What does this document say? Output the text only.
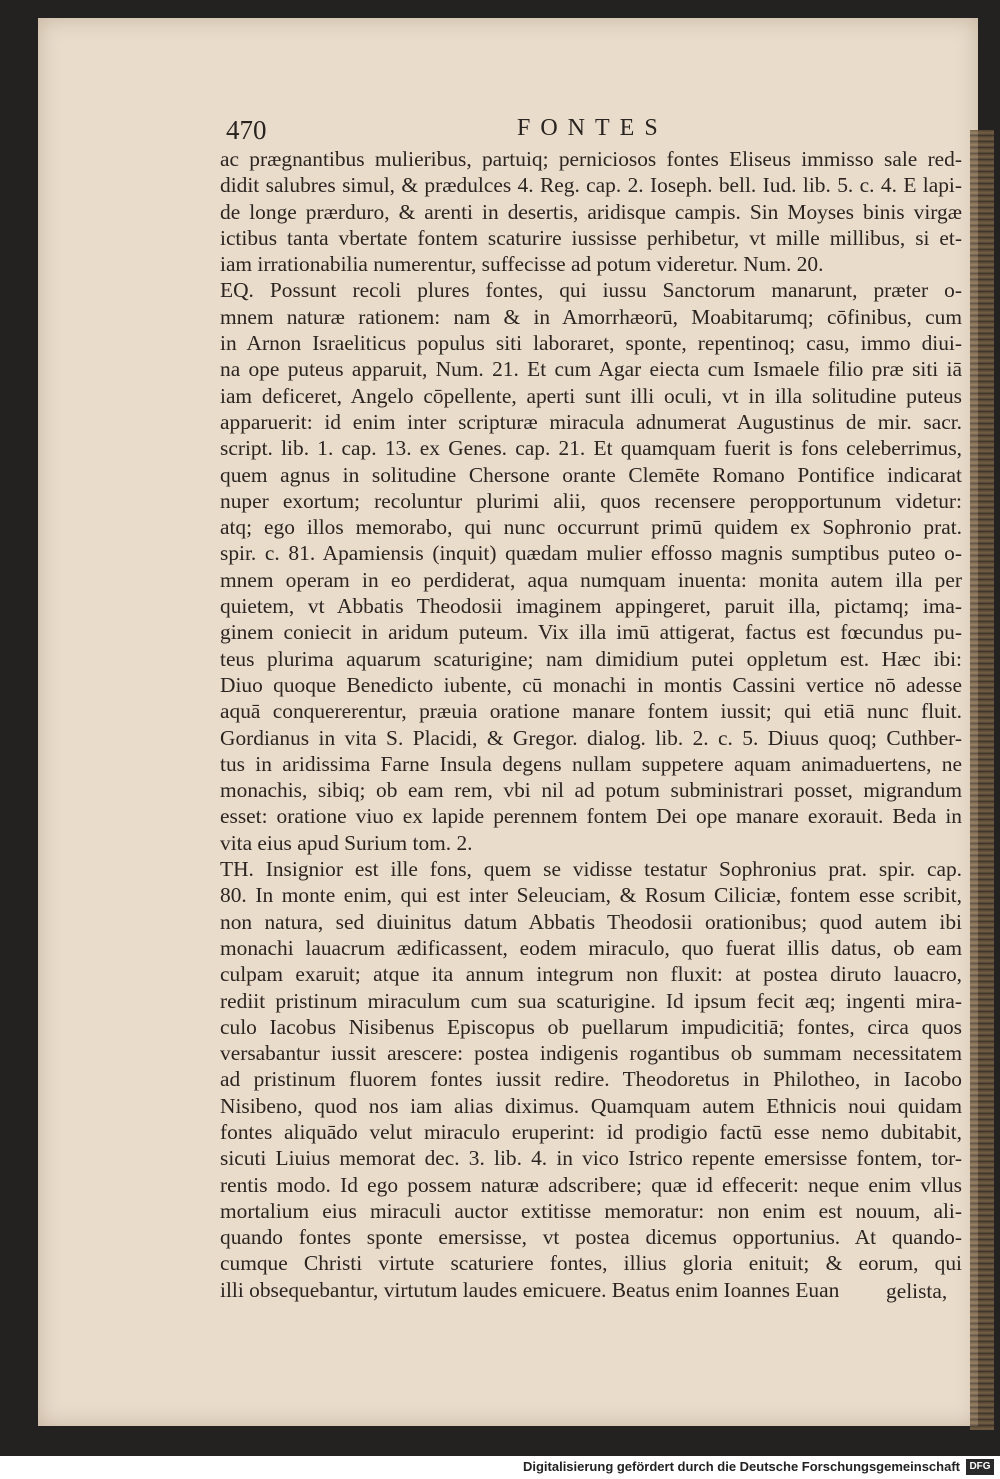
470	FONTES
ac prægnantibus mulieribus, partuiq; perniciosos fontes Eliseus immisso sale red-
didit salubres simul, & prædulces 4. Reg. cap. 2. Ioseph. bell. Iud. lib. 5. c. 4. E lapi-
de longe prærduro, & arenti in desertis, aridisque campis. Sin Moyses binis virgæ
ictibus tanta vbertate fontem scaturire iussisse perhibetur, vt mille millibus, si et-
iam irrationabilia numerentur, suffecisse ad potum videretur. Num. 20.
EQ. Possunt recoli plures fontes, qui iussu Sanctorum manarunt, præter o-
mnem naturæ rationem: nam & in Amorrhæorū, Moabitarumq; cōfinibus, cum
in Arnon Israeliticus populus siti laboraret, sponte, repentinoq; casu, immo diui-
na ope puteus apparuit, Num. 21. Et cum Agar eiecta cum Ismaele filio præ siti iā
iam deficeret, Angelo cōpellente, aperti sunt illi oculi, vt in illa solitudine puteus
apparuerit: id enim inter scripturæ miracula adnumerat Augustinus de mir. sacr.
script. lib. 1. cap. 13. ex Genes. cap. 21. Et quamquam fuerit is fons celeberrimus,
quem agnus in solitudine Chersone orante Clemēte Romano Pontifice indicarat
nuper exortum; recoluntur plurimi alii, quos recensere peropportunum videtur:
atq; ego illos memorabo, qui nunc occurrunt primū quidem ex Sophronio prat.
spir. c. 81. Apamiensis (inquit) quædam mulier effosso magnis sumptibus puteo o-
mnem operam in eo perdiderat, aqua numquam inuenta: monita autem illa per
quietem, vt Abbatis Theodosii imaginem appingeret, paruit illa, pictamq; ima-
ginem coniecit in aridum puteum. Vix illa imū attigerat, factus est fœcundus pu-
teus plurima aquarum scaturigine; nam dimidium putei oppletum est. Hæc ibi:
Diuo quoque Benedicto iubente, cū monachi in montis Cassini vertice nō adesse
aquā conquererentur, præuia oratione manare fontem iussit; qui etiā nunc fluit.
Gordianus in vita S. Placidi, & Gregor. dialog. lib. 2. c. 5. Diuus quoq; Cuthber-
tus in aridissima Farne Insula degens nullam suppetere aquam animaduertens, ne
monachis, sibiq; ob eam rem, vbi nil ad potum subministrari posset, migrandum
esset: oratione viuo ex lapide perennem fontem Dei ope manare exorauit. Beda in
vita eius apud Surium tom. 2.
TH. Insignior est ille fons, quem se vidisse testatur Sophronius prat. spir. cap.
80. In monte enim, qui est inter Seleuciam, & Rosum Ciliciæ, fontem esse scribit,
non natura, sed diuinitus datum Abbatis Theodosii orationibus; quod autem ibi
monachi lauacrum ædificassent, eodem miraculo, quo fuerat illis datus, ob eam
culpam exaruit; atque ita annum integrum non fluxit: at postea diruto lauacro,
rediit pristinum miraculum cum sua scaturigine. Id ipsum fecit æq; ingenti mira-
culo Iacobus Nisibenus Episcopus ob puellarum impudicitiā; fontes, circa quos
versabantur iussit arescere: postea indigenis rogantibus ob summam necessitatem
ad pristinum fluorem fontes iussit redire. Theodoretus in Philotheo, in Iacobo
Nisibeno, quod nos iam alias diximus. Quamquam autem Ethnicis noui quidam
fontes aliquādo velut miraculo eruperint: id prodigio factū esse nemo dubitabit,
sicuti Liuius memorat dec. 3. lib. 4. in vico Istrico repente emersisse fontem, tor-
rentis modo. Id ego possem naturæ adscribere; quæ id effecerit: neque enim vllus
mortalium eius miraculi auctor extitisse memoratur: non enim est nouum, ali-
quando fontes sponte emersisse, vt postea dicemus opportunius. At quando-
cumque Christi virtute scaturiere fontes, illius gloria enituit; & eorum, qui
illi obsequebantur, virtutum laudes emicuere. Beatus enim Ioannes Euan	gelista,
Digitalisierung gefördert durch die Deutsche Forschungsgemeinschaft DFG
